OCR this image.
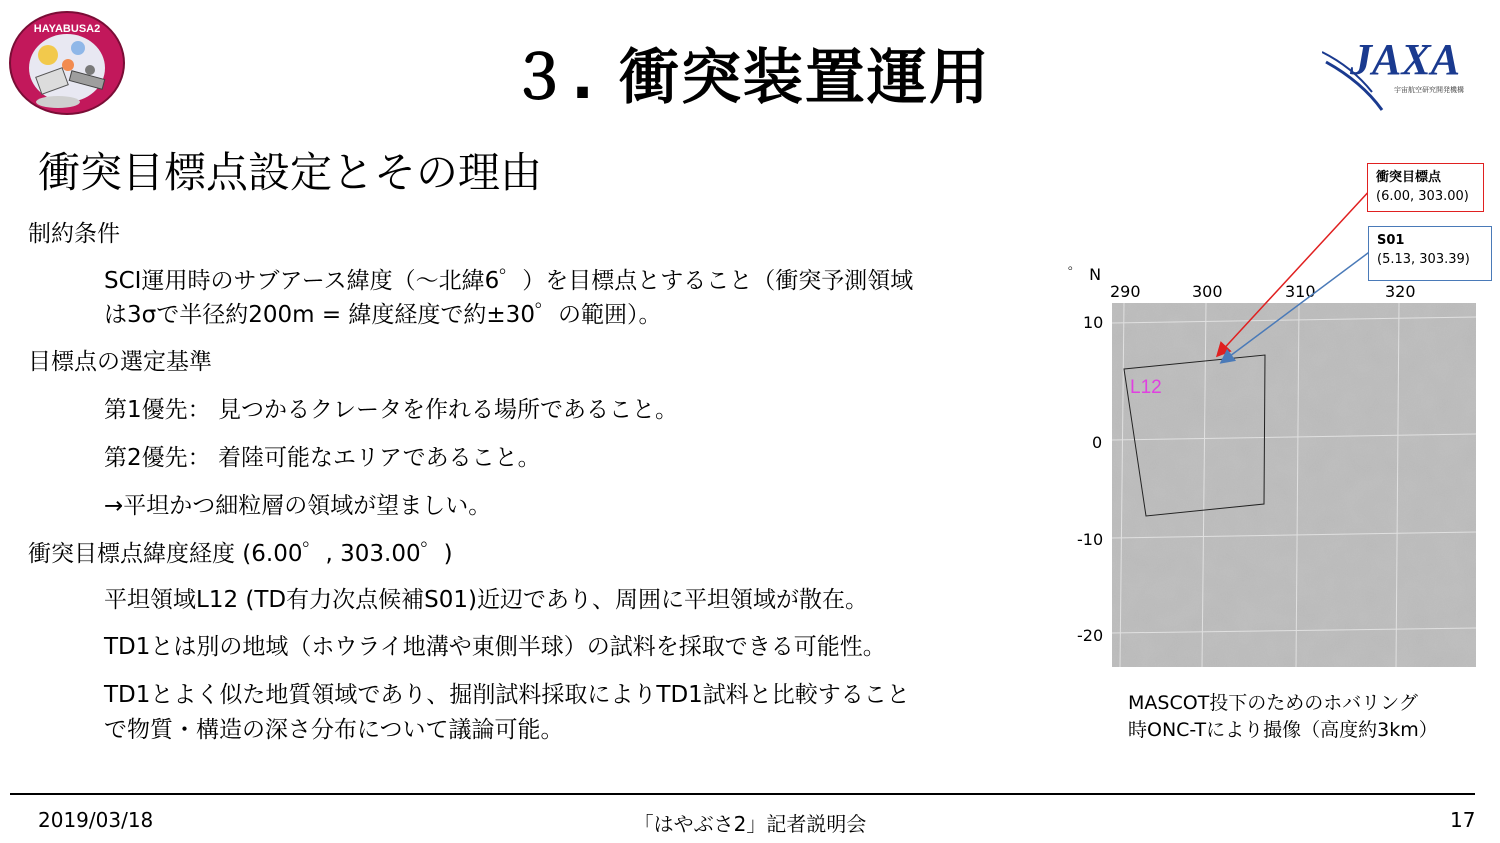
HAYABUSA2
３. 衝突装置運用	JAXA
宇宙航空研究開発機構
衝突目標点設定とその理由
制約条件
SCI運用時のサブアース緯度（～北緯6゜）を目標点とすること（衝突予測領域
は3σで半径約200m = 緯度経度で約±30゜の範囲）。
目標点の選定基準
第1優先： 見つかるクレータを作れる場所であること。
第2優先： 着陸可能なエリアであること。
→平坦かつ細粒層の領域が望ましい。
衝突目標点緯度経度 (6.00゜, 303.00゜)
平坦領域L12 (TD有力次点候補S01)近辺であり、周囲に平坦領域が散在。
TD1とは別の地域（ホウライ地溝や東側半球）の試料を採取できる可能性。
TD1とよく似た地質領域であり、掘削試料採取によりTD1試料と比較すること
で物質・構造の深さ分布について議論可能。
゜ N
290	300	310	320
10
0
-10
-20
L12
衝突目標点
(6.00, 303.00)
S01
(5.13, 303.39)
MASCOT投下のためのホバリング
時ONC-Tにより撮像（高度約3km）
2019/03/18	「はやぶさ2」記者説明会	17
